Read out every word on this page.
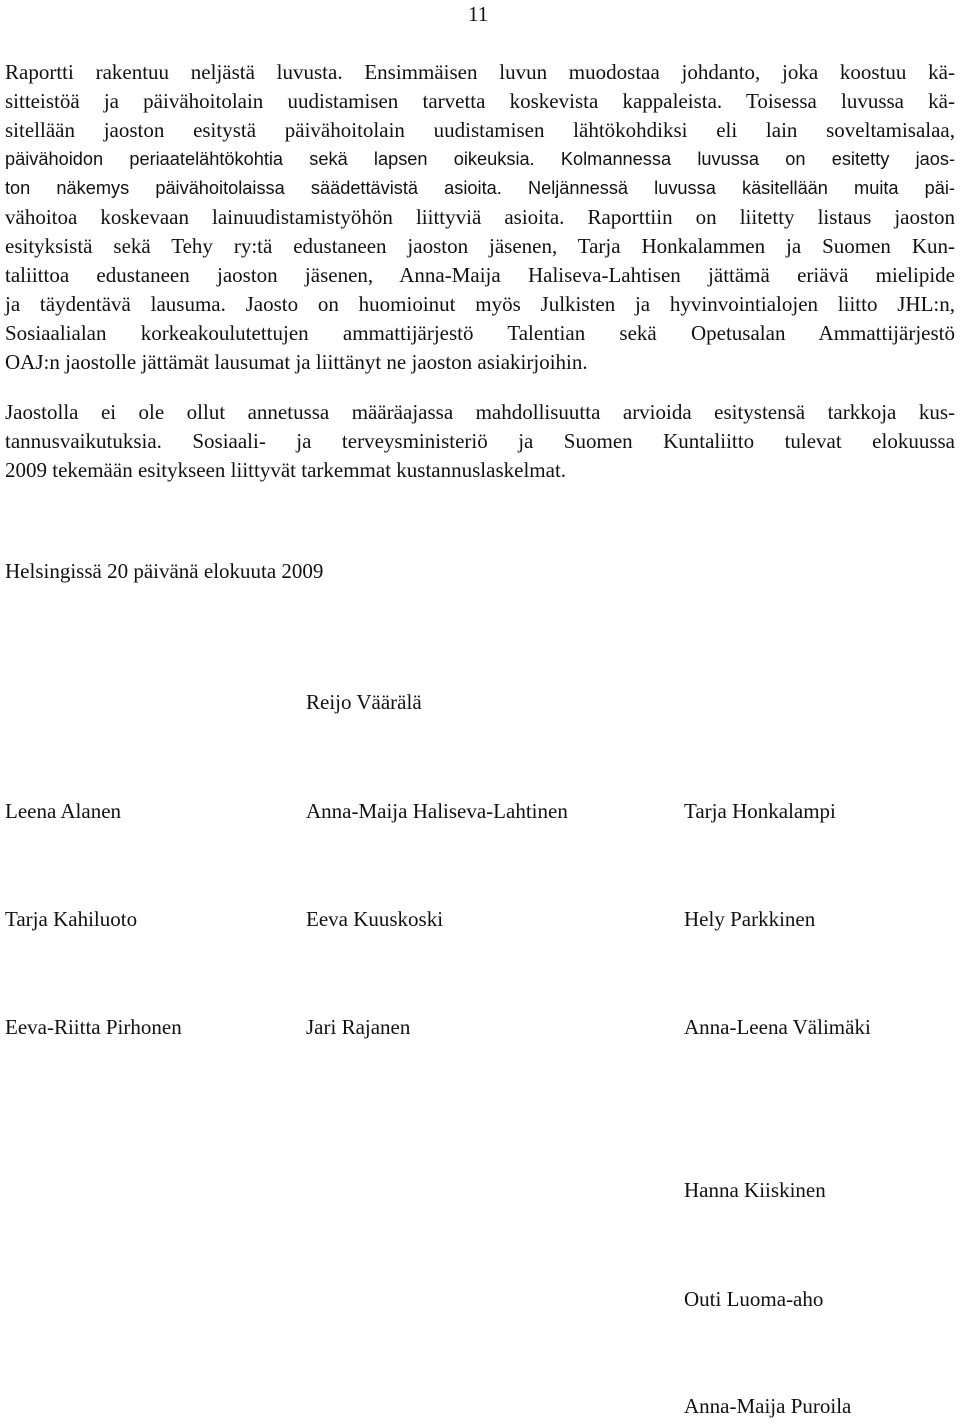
11
Raportti rakentuu neljästä luvusta. Ensimmäisen luvun muodostaa johdanto, joka koostuu kä-
sitteistöä ja päivähoitolain uudistamisen tarvetta koskevista kappaleista. Toisessa luvussa kä-
sitellään jaoston esitystä päivähoitolain uudistamisen lähtökohdiksi eli lain soveltamisalaa,
päivähoidon periaatelähtökohtia sekä lapsen oikeuksia. Kolmannessa luvussa on esitetty jaos-
ton näkemys päivähoitolaissa säädettävistä asioita. Neljännessä luvussa käsitellään muita päi-
vähoitoa koskevaan lainuudistamistyöhön liittyviä asioita. Raporttiin on liitetty listaus jaoston
esityksistä sekä Tehy ry:tä edustaneen jaoston jäsenen, Tarja Honkalammen ja Suomen Kun-
taliittoa edustaneen jaoston jäsenen, Anna-Maija Haliseva-Lahtisen jättämä eriävä mielipide
ja täydentävä lausuma. Jaosto on huomioinut myös Julkisten ja hyvinvointialojen liitto JHL:n,
Sosiaalialan korkeakoulutettujen ammattijärjestö Talentian sekä Opetusalan Ammattijärjestö
OAJ:n jaostolle jättämät lausumat ja liittänyt ne jaoston asiakirjoihin.
Jaostolla ei ole ollut annetussa määräajassa mahdollisuutta arvioida esitystensä tarkkoja kus-
tannusvaikutuksia. Sosiaali- ja terveysministeriö ja Suomen Kuntaliitto tulevat elokuussa
2009 tekemään esitykseen liittyvät tarkemmat kustannuslaskelmat.
Helsingissä 20 päivänä elokuuta 2009
Reijo Väärälä
Leena Alanen	Anna-Maija Haliseva-Lahtinen	Tarja Honkalampi
Tarja Kahiluoto	Eeva Kuuskoski	Hely Parkkinen
Eeva-Riitta Pirhonen	Jari Rajanen	Anna-Leena Välimäki
Hanna Kiiskinen
Outi Luoma-aho
Anna-Maija Puroila
